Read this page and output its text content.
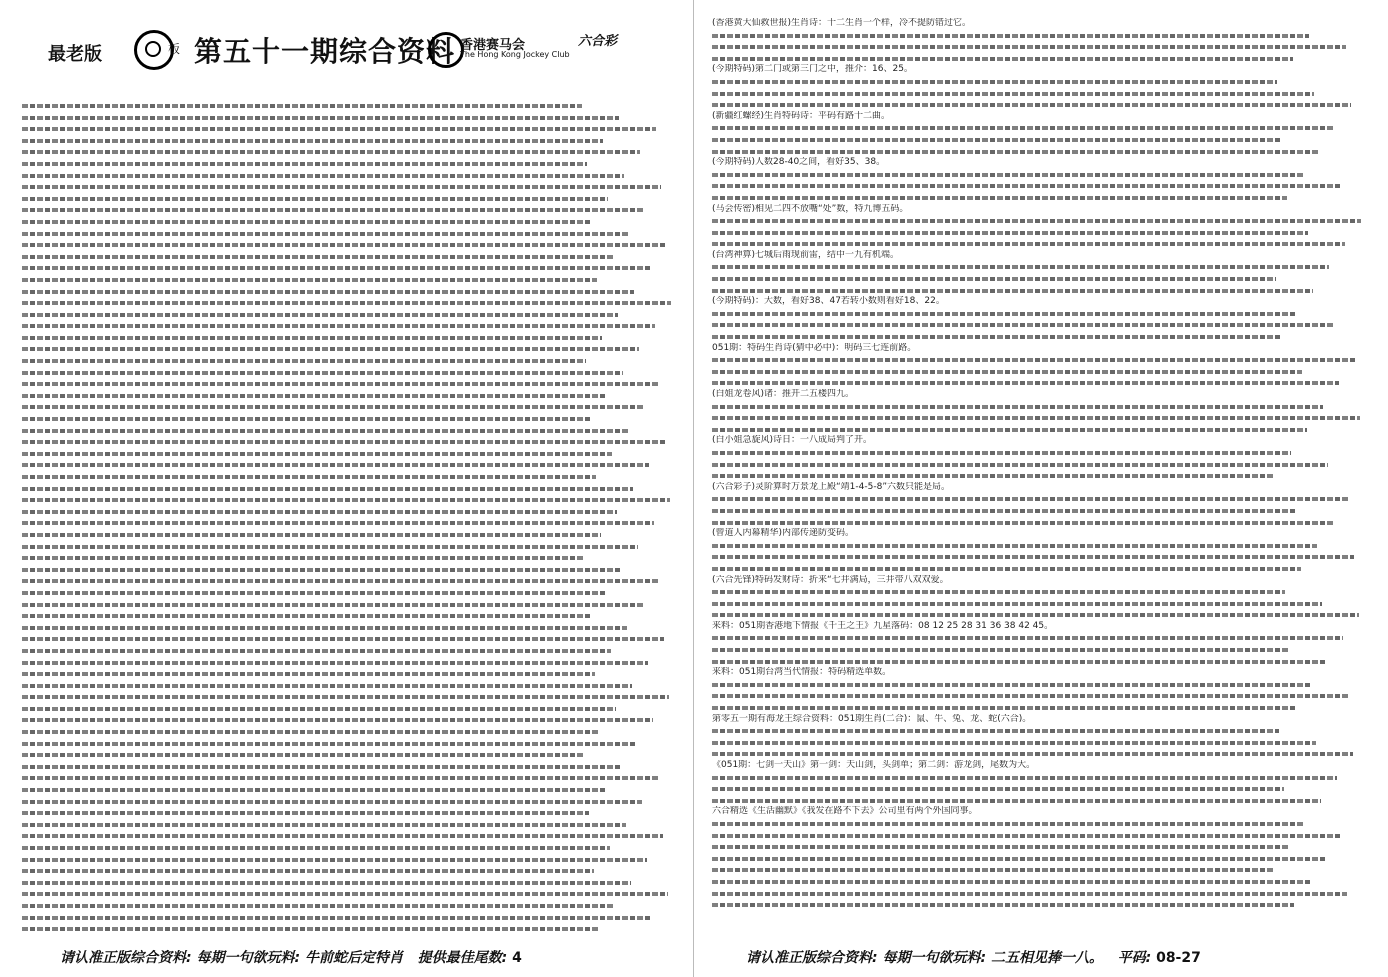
最老版	板 第五十一期综合资料 香港赛马会
The Hong Kong Jockey Club
六合彩
请认准正版综合资料: 每期一句欲玩料: 牛前蛇后定特肖 提供最佳尾数: 4
(香港黄大仙救世报)生肖诗：十二生肖一个样，冷不提防错过它。
(今期特码)第二门或第三门之中，推介：16、25。
(新疆红螺经)生肖特码诗：平码有路十二曲。
(今期特码)人数28-40之间，看好35、38。
(马会传密)相见二四不放嘴“处”数，特九博五码。
(台湾神算)七城后雨现前雷，结中一九有机端。
(今期特码)：大数，看好38、47若转小数则看好18、22。
051期：特码生肖诗(猜中必中)：明码三七连前路。
(白姐龙卷风)诸：推开二五楼四九。
(白小姐急旋风)诗日：一八成局判了开。
(六合彩子)灵阶算时万景龙上殿“靖1-4-5-8”六数只能是局。
(曾道人内幕精华)内部传递防变码。
(六合先锋)特码发财诗：折来“七井满局，三井带八双双爱。
来料：051期香港地下情报《千王之王》九星落码：08 12 25 28 31 36 38 42 45。
来料：051期台湾当代情报：特码精选单数。
第零五一期有海龙王综合资料：051期生肖(二合)：鼠、牛、兔、龙、蛇(六合)。
《051期：七剑一天山》第一剑：天山剑，头剑单；第二剑：游龙剑，尾数为大。
六合精选《生活幽默》《我发在路不下去》公司里有两个外国同事。
请认准正版综合资料: 每期一句欲玩料: 二五相见捧一八。 平码: 08-27
